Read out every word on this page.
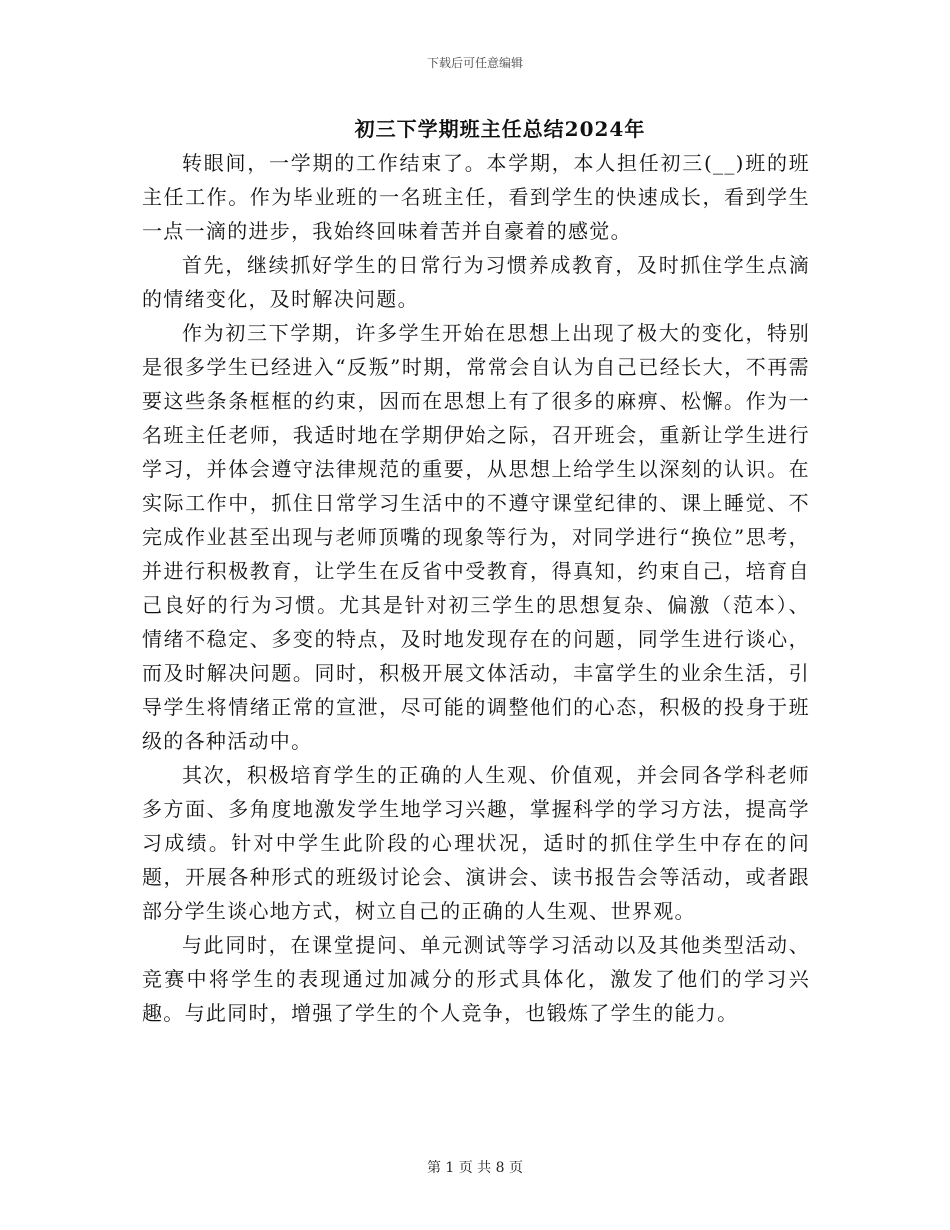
下载后可任意编辑
初三下学期班主任总结2024年

转眼间，一学期的工作结束了。本学期，本人担任初三(__)班的班主任工作。作为毕业班的一名班主任，看到学生的快速成长，看到学生一点一滴的进步，我始终回味着苦并自豪着的感觉。

首先，继续抓好学生的日常行为习惯养成教育，及时抓住学生点滴的情绪变化，及时解决问题。

作为初三下学期，许多学生开始在思想上出现了极大的变化，特别是很多学生已经进入“反叛”时期，常常会自认为自己已经长大，不再需要这些条条框框的约束，因而在思想上有了很多的麻痹、松懈。作为一名班主任老师，我适时地在学期伊始之际，召开班会，重新让学生进行学习，并体会遵守法律规范的重要，从思想上给学生以深刻的认识。在实际工作中，抓住日常学习生活中的不遵守课堂纪律的、课上睡觉、不完成作业甚至出现与老师顶嘴的现象等行为，对同学进行“换位”思考，并进行积极教育，让学生在反省中受教育，得真知，约束自己，培育自己良好的行为习惯。尤其是针对初三学生的思想复杂、偏激（范本）、情绪不稳定、多变的特点，及时地发现存在的问题，同学生进行谈心，而及时解决问题。同时，积极开展文体活动，丰富学生的业余生活，引导学生将情绪正常的宣泄，尽可能的调整他们的心态，积极的投身于班级的各种活动中。

其次，积极培育学生的正确的人生观、价值观，并会同各学科老师多方面、多角度地激发学生地学习兴趣，掌握科学的学习方法，提高学习成绩。针对中学生此阶段的心理状况，适时的抓住学生中存在的问题，开展各种形式的班级讨论会、演讲会、读书报告会等活动，或者跟部分学生谈心地方式，树立自己的正确的人生观、世界观。

与此同时，在课堂提问、单元测试等学习活动以及其他类型活动、竞赛中将学生的表现通过加减分的形式具体化，激发了他们的学习兴趣。与此同时，增强了学生的个人竞争，也锻炼了学生的能力。

第 1 页 共 8 页
